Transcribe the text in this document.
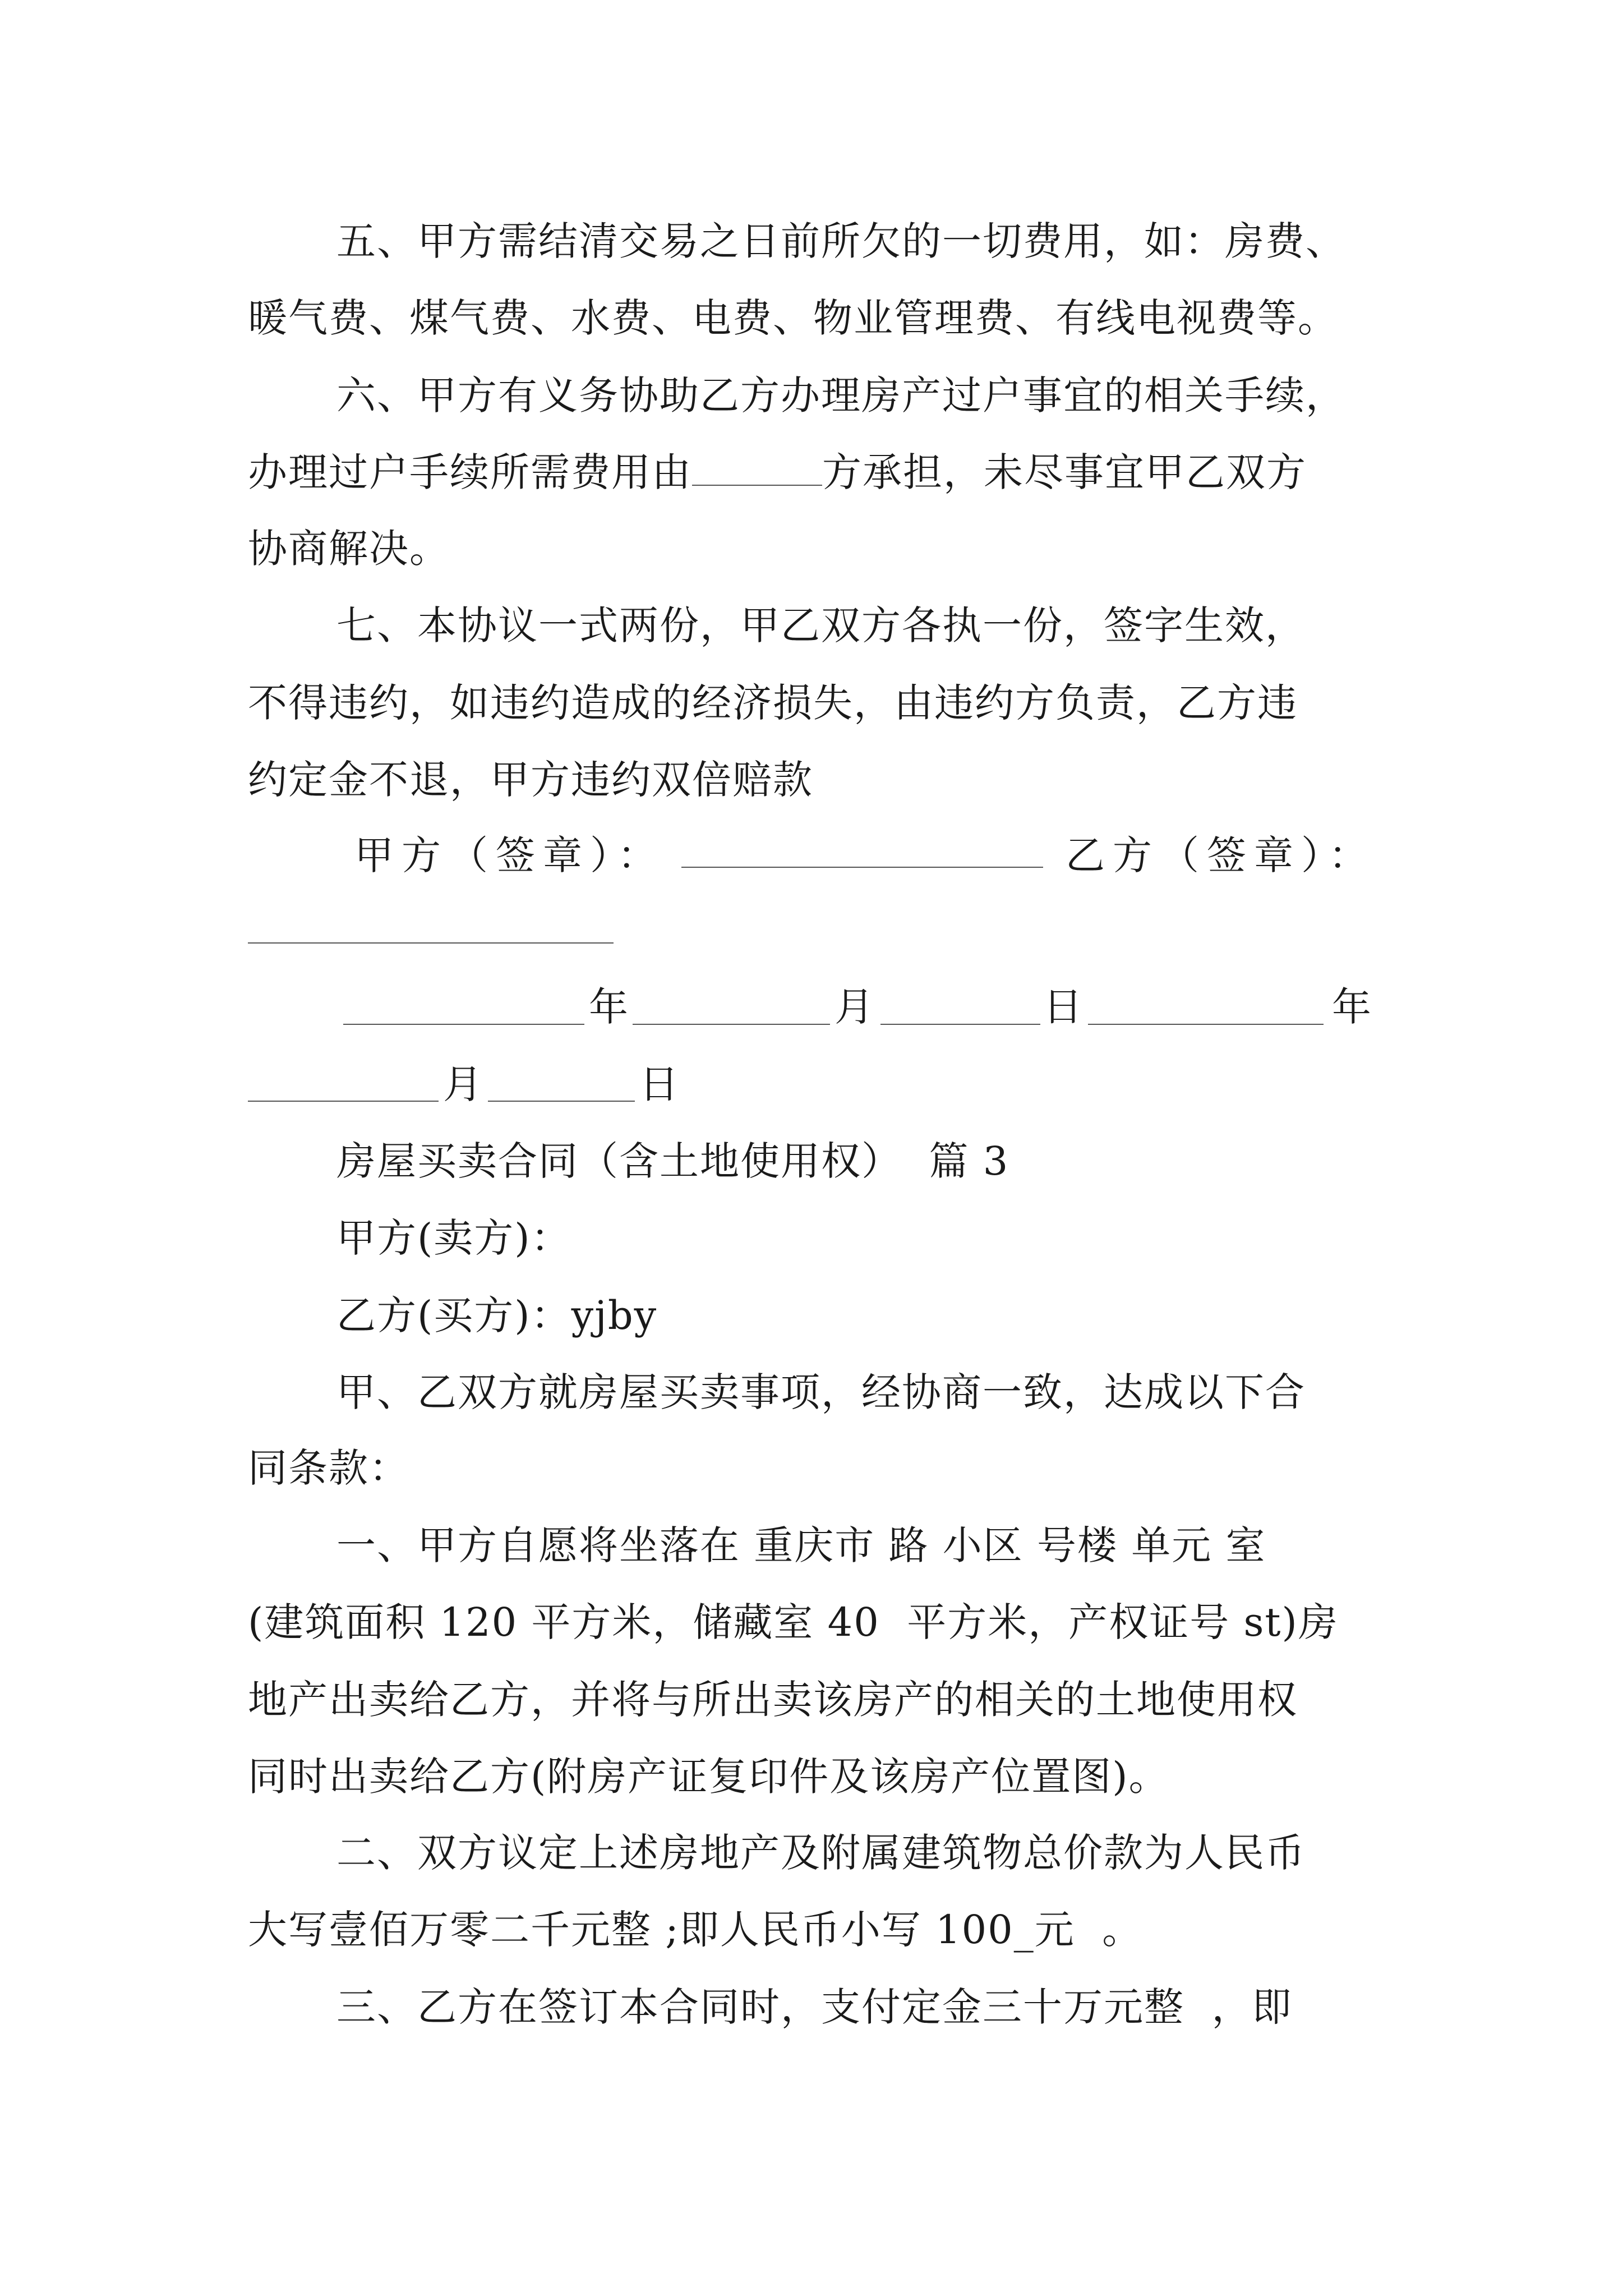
五、甲方需结清交易之日前所欠的一切费用，如：房费、
暖气费、煤气费、水费、电费、物业管理费、有线电视费等。
六、甲方有义务协助乙方办理房产过户事宜的相关手续，
办理过户手续所需费用由	方承担，未尽事宜甲乙双方
协商解决。
七、本协议一式两份，甲乙双方各执一份，签字生效，
不得违约，如违约造成的经济损失，由违约方负责，乙方违
约定金不退，甲方违约双倍赔款
甲方（签章）：	乙方（签章）：
年	月	日	年
月	日
房屋买卖合同（含土地使用权）  篇 3
甲方(卖方)：
乙方(买方)：yjby
甲、乙双方就房屋买卖事项，经协商一致，达成以下合
同条款：
一、甲方自愿将坐落在 重庆市 路 小区 号楼 单元 室
(建筑面积 120 平方米，储藏室 40  平方米，产权证号 st)房
地产出卖给乙方，并将与所出卖该房产的相关的土地使用权
同时出卖给乙方(附房产证复印件及该房产位置图)。
二、双方议定上述房地产及附属建筑物总价款为人民币
大写壹佰万零二千元整 ;即人民币小写 100_元  。
三、乙方在签订本合同时，支付定金三十万元整  ，即
